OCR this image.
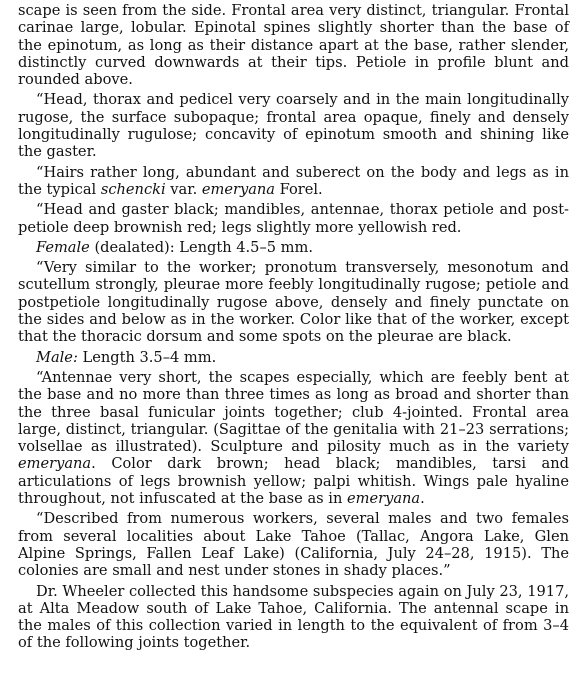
scape is seen from the side. Frontal area very distinct, triangular. Frontal carinae large, lobular. Epinotal spines slightly shorter than the base of the epinotum, as long as their distance apart at the base, rather slender, distinctly curved downwards at their tips. Petiole in profile blunt and rounded above.

“Head, thorax and pedicel very coarsely and in the main longitudinally rugose, the surface subopaque; frontal area opaque, finely and densely longitudinally rugulose; concavity of epinotum smooth and shining like the gaster.

“Hairs rather long, abundant and suberect on the body and legs as in the typical schencki var. emeryana Forel.

“Head and gaster black; mandibles, antennae, thorax petiole and post-petiole deep brownish red; legs slightly more yellowish red.

Female (dealated): Length 4.5–5 mm.

“Very similar to the worker; pronotum transversely, mesonotum and scutellum strongly, pleurae more feebly longitudinally rugose; petiole and postpetiole longitudinally rugose above, densely and finely punctate on the sides and below as in the worker. Color like that of the worker, except that the thoracic dorsum and some spots on the pleurae are black.

Male: Length 3.5–4 mm.

“Antennae very short, the scapes especially, which are feebly bent at the base and no more than three times as long as broad and shorter than the three basal funicular joints together; club 4-jointed. Frontal area large, distinct, triangular. (Sagittae of the genitalia with 21–23 serrations; volsellae as illustrated). Sculpture and pilosity much as in the variety emeryana. Color dark brown; head black; mandibles, tarsi and articulations of legs brownish yellow; palpi whitish. Wings pale hyaline throughout, not infuscated at the base as in emeryana.

“Described from numerous workers, several males and two females from several localities about Lake Tahoe (Tallac, Angora Lake, Glen Alpine Springs, Fallen Leaf Lake) (California, July 24–28, 1915). The colonies are small and nest under stones in shady places.”

Dr. Wheeler collected this handsome subspecies again on July 23, 1917, at Alta Meadow south of Lake Tahoe, California. The antennal scape in the males of this collection varied in length to the equivalent of from 3–4 of the following joints together.
